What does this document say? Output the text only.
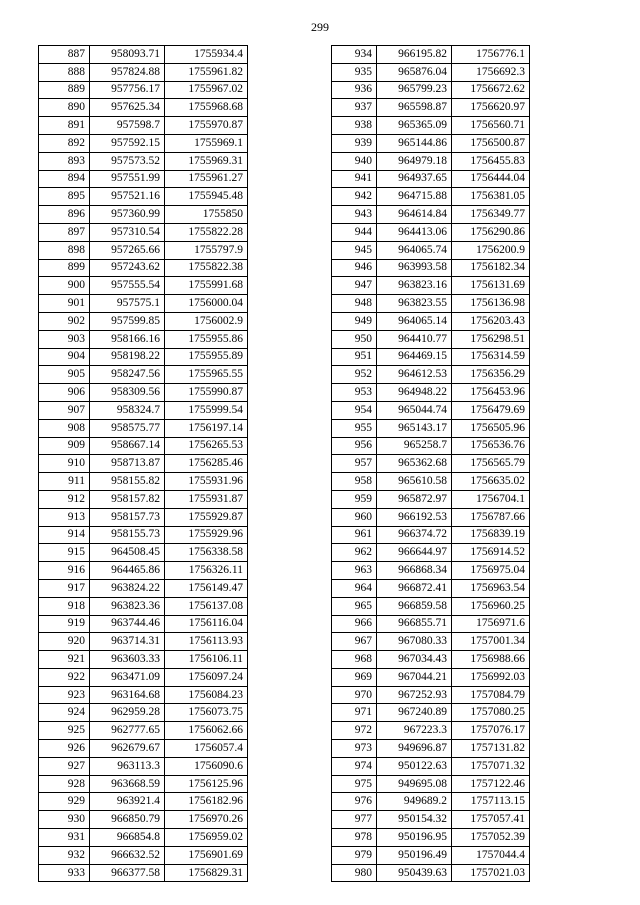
299
887	958093.71	1755934.4
888	957824.88	1755961.82
889	957756.17	1755967.02
890	957625.34	1755968.68
891	957598.7	1755970.87
892	957592.15	1755969.1
893	957573.52	1755969.31
894	957551.99	1755961.27
895	957521.16	1755945.48
896	957360.99	1755850
897	957310.54	1755822.28
898	957265.66	1755797.9
899	957243.62	1755822.38
900	957555.54	1755991.68
901	957575.1	1756000.04
902	957599.85	1756002.9
903	958166.16	1755955.86
904	958198.22	1755955.89
905	958247.56	1755965.55
906	958309.56	1755990.87
907	958324.7	1755999.54
908	958575.77	1756197.14
909	958667.14	1756265.53
910	958713.87	1756285.46
911	958155.82	1755931.96
912	958157.82	1755931.87
913	958157.73	1755929.87
914	958155.73	1755929.96
915	964508.45	1756338.58
916	964465.86	1756326.11
917	963824.22	1756149.47
918	963823.36	1756137.08
919	963744.46	1756116.04
920	963714.31	1756113.93
921	963603.33	1756106.11
922	963471.09	1756097.24
923	963164.68	1756084.23
924	962959.28	1756073.75
925	962777.65	1756062.66
926	962679.67	1756057.4
927	963113.3	1756090.6
928	963668.59	1756125.96
929	963921.4	1756182.96
930	966850.79	1756970.26
931	966854.8	1756959.02
932	966632.52	1756901.69
933	966377.58	1756829.31
934	966195.82	1756776.1
935	965876.04	1756692.3
936	965799.23	1756672.62
937	965598.87	1756620.97
938	965365.09	1756560.71
939	965144.86	1756500.87
940	964979.18	1756455.83
941	964937.65	1756444.04
942	964715.88	1756381.05
943	964614.84	1756349.77
944	964413.06	1756290.86
945	964065.74	1756200.9
946	963993.58	1756182.34
947	963823.16	1756131.69
948	963823.55	1756136.98
949	964065.14	1756203.43
950	964410.77	1756298.51
951	964469.15	1756314.59
952	964612.53	1756356.29
953	964948.22	1756453.96
954	965044.74	1756479.69
955	965143.17	1756505.96
956	965258.7	1756536.76
957	965362.68	1756565.79
958	965610.58	1756635.02
959	965872.97	1756704.1
960	966192.53	1756787.66
961	966374.72	1756839.19
962	966644.97	1756914.52
963	966868.34	1756975.04
964	966872.41	1756963.54
965	966859.58	1756960.25
966	966855.71	1756971.6
967	967080.33	1757001.34
968	967034.43	1756988.66
969	967044.21	1756992.03
970	967252.93	1757084.79
971	967240.89	1757080.25
972	967223.3	1757076.17
973	949696.87	1757131.82
974	950122.63	1757071.32
975	949695.08	1757122.46
976	949689.2	1757113.15
977	950154.32	1757057.41
978	950196.95	1757052.39
979	950196.49	1757044.4
980	950439.63	1757021.03
